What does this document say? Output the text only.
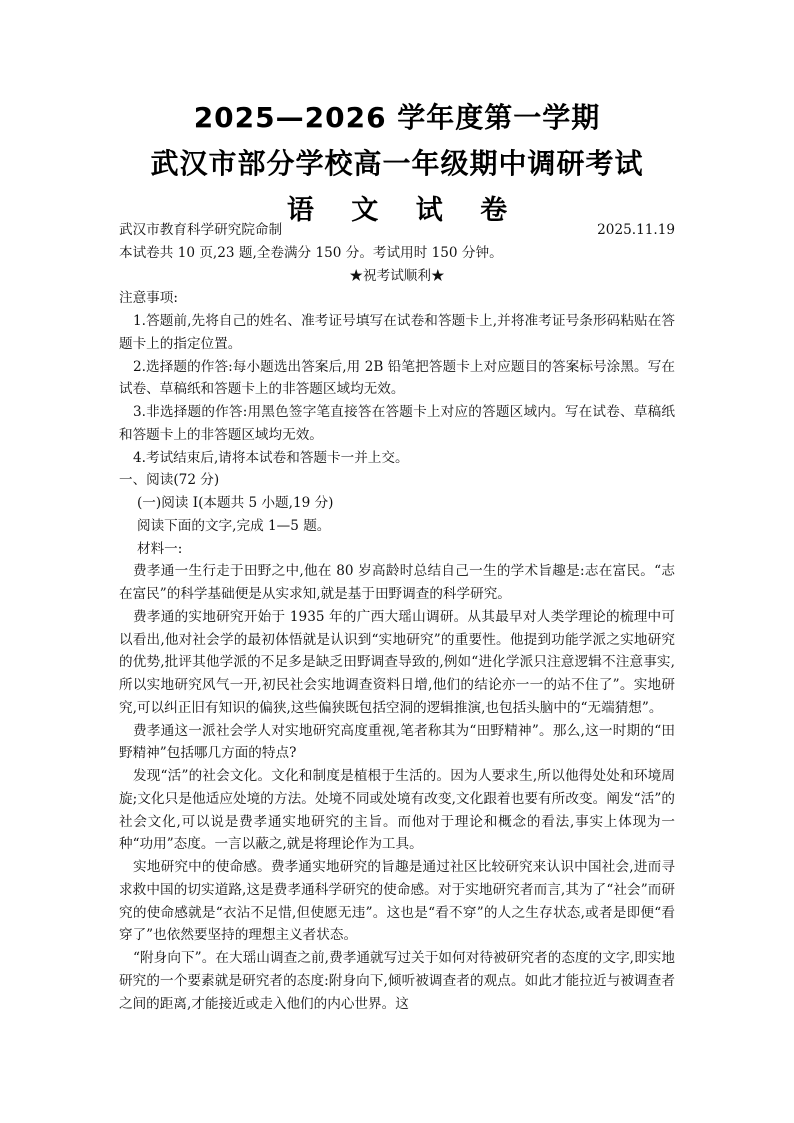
2025—2026 学年度第一学期
武汉市部分学校高一年级期中调研考试
语 文 试 卷
武汉市教育科学研究院命制	2025.11.19
本试卷共 10 页,23 题,全卷满分 150 分。考试用时 150 分钟。
★祝考试顺利★
注意事项:

1.答题前,先将自己的姓名、准考证号填写在试卷和答题卡上,并将准考证号条形码粘贴在答题卡上的指定位置。

2.选择题的作答:每小题选出答案后,用 2B 铅笔把答题卡上对应题目的答案标号涂黑。写在试卷、草稿纸和答题卡上的非答题区域均无效。

3.非选择题的作答:用黑色签字笔直接答在答题卡上对应的答题区域内。写在试卷、草稿纸和答题卡上的非答题区域均无效。

4.考试结束后,请将本试卷和答题卡一并上交。

一、阅读(72 分)
(一)阅读 I(本题共 5 小题,19 分)
阅读下面的文字,完成 1—5 题。
材料一:

费孝通一生行走于田野之中,他在 80 岁高龄时总结自己一生的学术旨趣是:志在富民。“志在富民”的科学基础便是从实求知,就是基于田野调查的科学研究。

费孝通的实地研究开始于 1935 年的广西大瑶山调研。从其最早对人类学理论的梳理中可以看出,他对社会学的最初体悟就是认识到“实地研究”的重要性。他提到功能学派之实地研究的优势,批评其他学派的不足多是缺乏田野调查导致的,例如“进化学派只注意逻辑不注意事实,所以实地研究风气一开,初民社会实地调查资料日增,他们的结论亦一一的站不住了”。实地研究,可以纠正旧有知识的偏狭,这些偏狭既包括空洞的逻辑推演,也包括头脑中的“无端猜想”。

费孝通这一派社会学人对实地研究高度重视,笔者称其为“田野精神”。那么,这一时期的“田野精神”包括哪几方面的特点?

发现“活”的社会文化。文化和制度是植根于生活的。因为人要求生,所以他得处处和环境周旋;文化只是他适应处境的方法。处境不同或处境有改变,文化跟着也要有所改变。阐发“活”的社会文化,可以说是费孝通实地研究的主旨。而他对于理论和概念的看法,事实上体现为一种“功用”态度。一言以蔽之,就是将理论作为工具。

实地研究中的使命感。费孝通实地研究的旨趣是通过社区比较研究来认识中国社会,进而寻求救中国的切实道路,这是费孝通科学研究的使命感。对于实地研究者而言,其为了“社会”而研究的使命感就是“衣沾不足惜,但使愿无违”。这也是“看不穿”的人之生存状态,或者是即便“看穿了”也依然要坚持的理想主义者状态。

“附身向下”。在大瑶山调查之前,费孝通就写过关于如何对待被研究者的态度的文字,即实地研究的一个要素就是研究者的态度:附身向下,倾听被调查者的观点。如此才能拉近与被调查者之间的距离,才能接近或走入他们的内心世界。这
